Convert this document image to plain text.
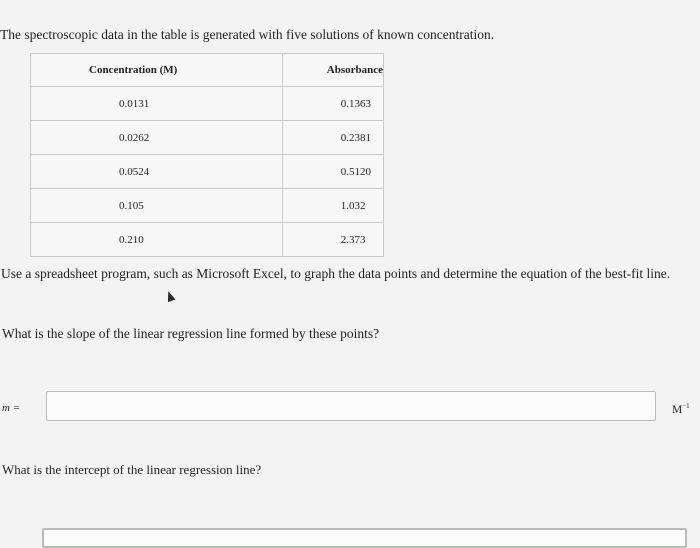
The spectroscopic data in the table is generated with five solutions of known concentration.
Concentration (M)	Absorbance
0.0131	0.1363
0.0262	0.2381
0.0524	0.5120
0.105	1.032
0.210	2.373
Use a spreadsheet program, such as Microsoft Excel, to graph the data points and determine the equation of the best-fit line.
What is the slope of the linear regression line formed by these points?
m =	$M^{-1}$
What is the intercept of the linear regression line?
